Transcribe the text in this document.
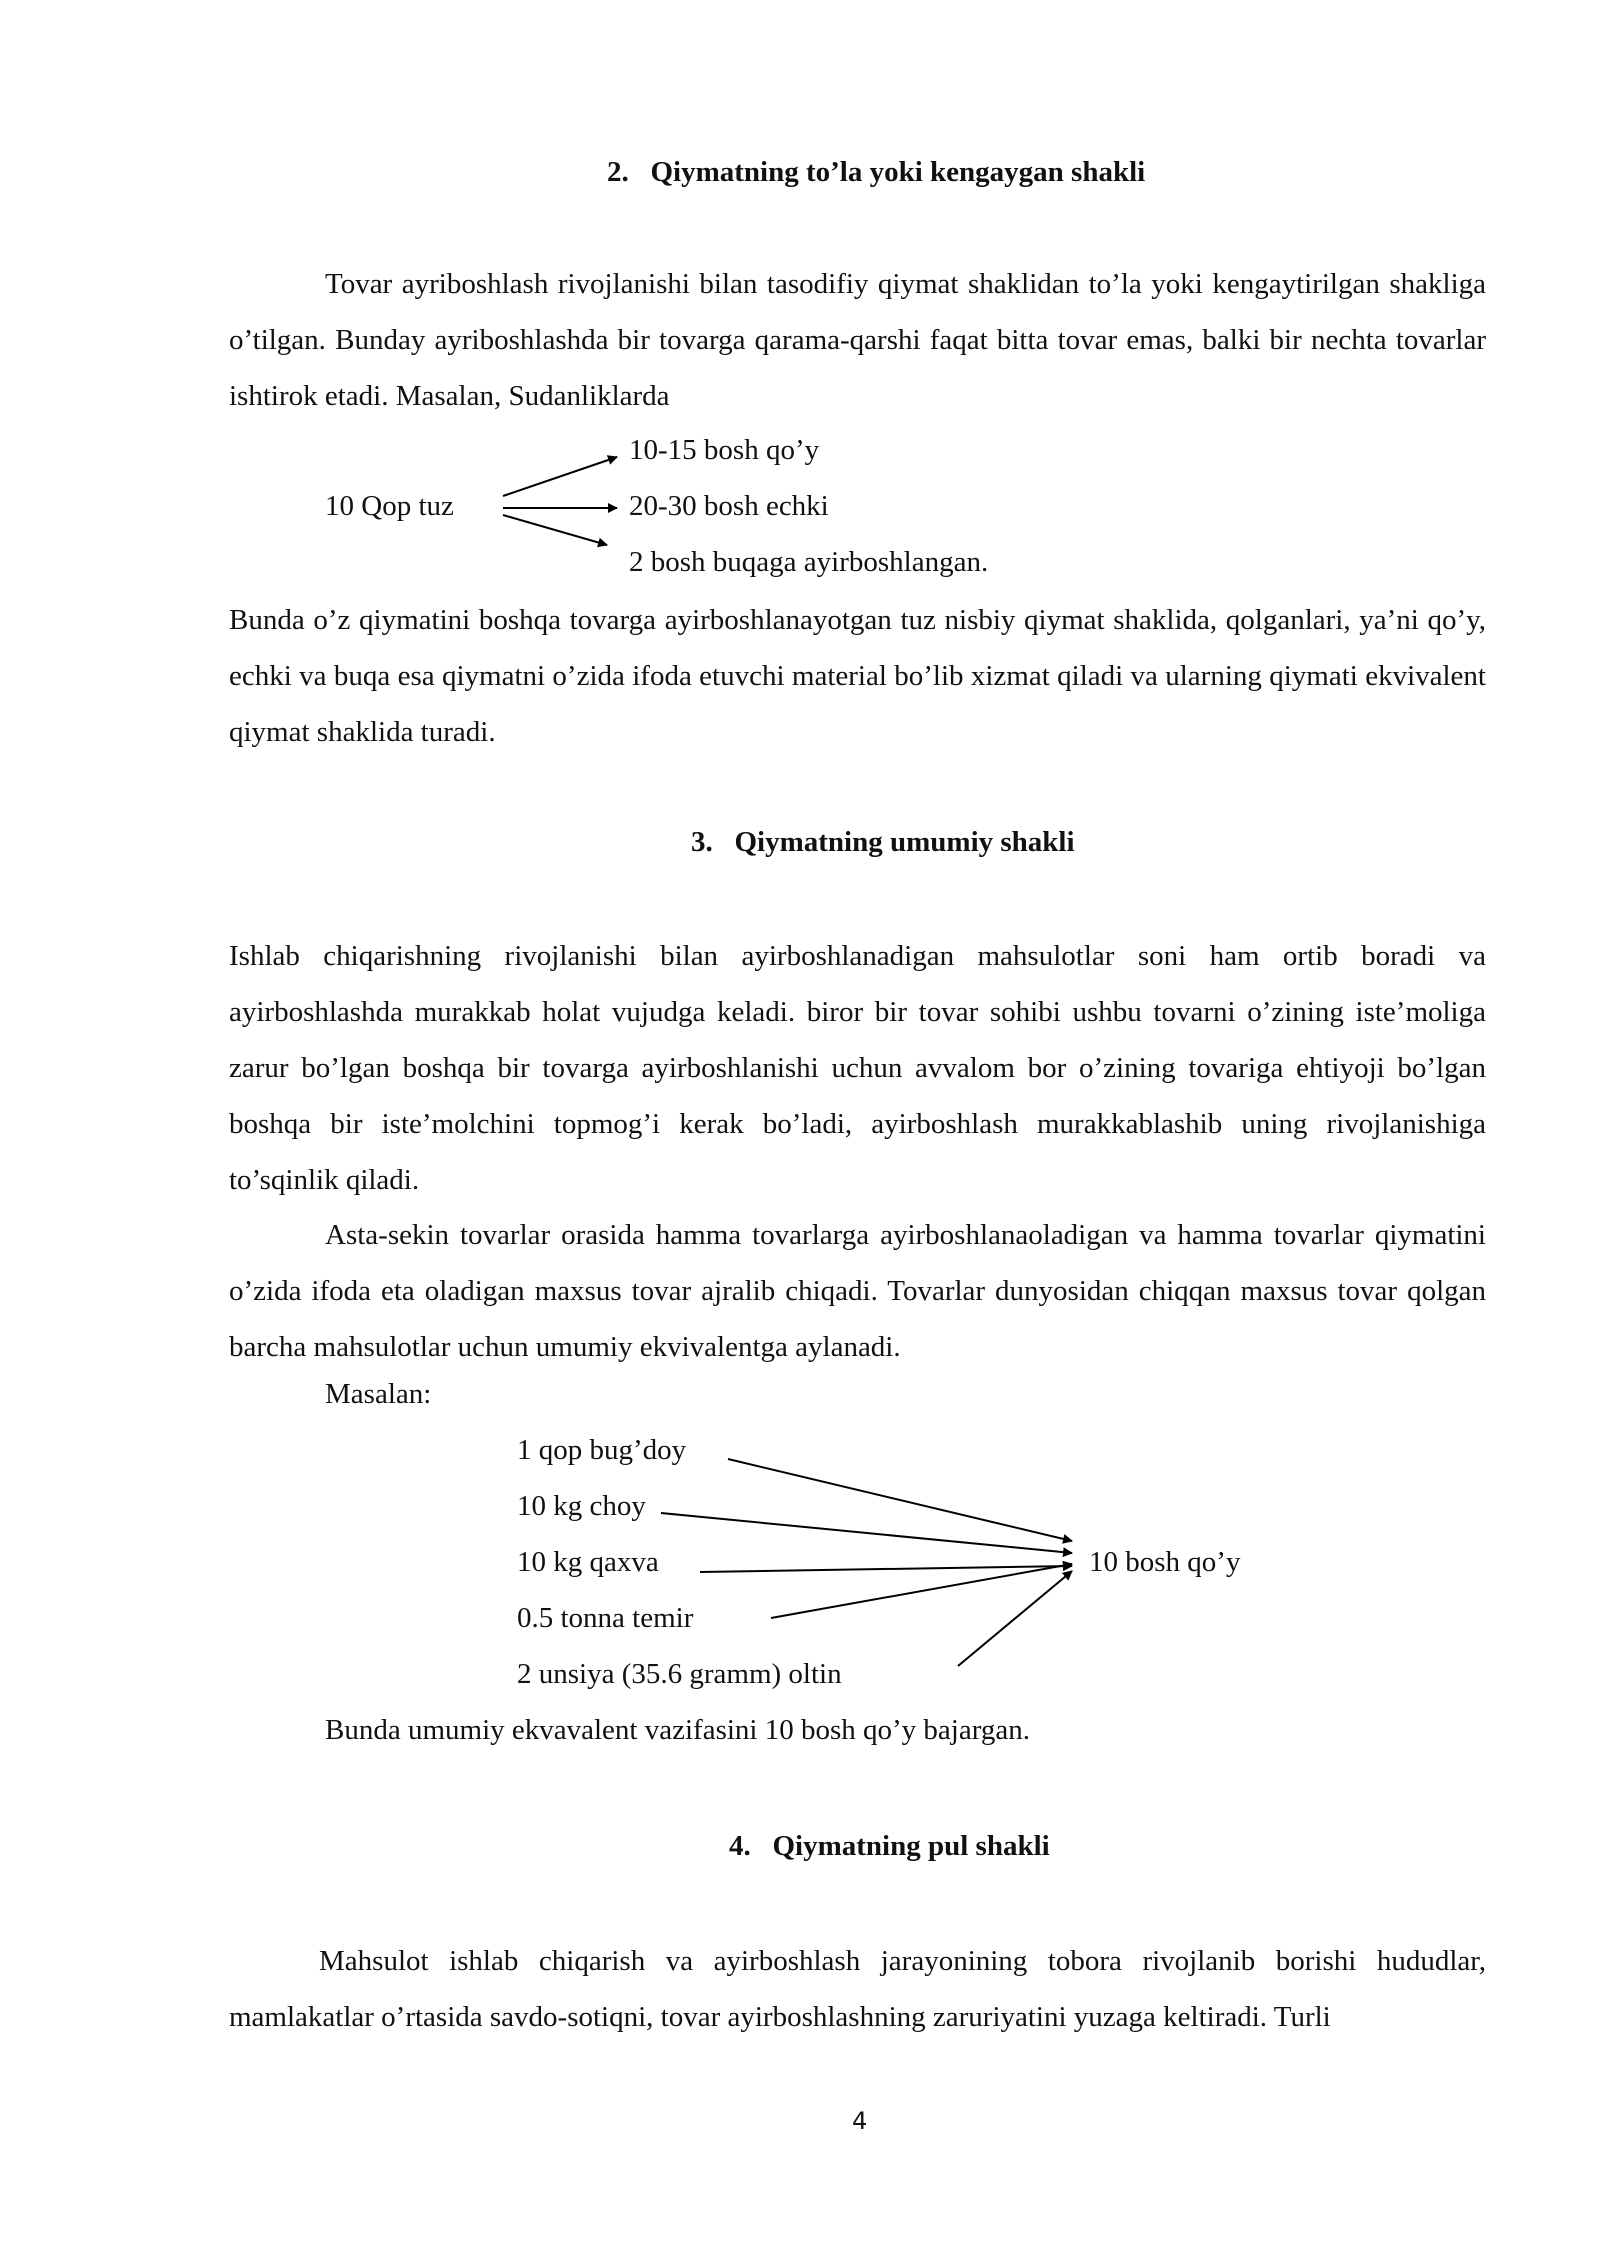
2. Qiymatning to’la yoki kengaygan shakli
Tovar ayriboshlash rivojlanishi bilan tasodifiy qiymat shaklidan to’la yoki kengaytirilgan shakliga o’tilgan. Bunday ayriboshlashda bir tovarga qarama-qarshi faqat bitta tovar emas, balki bir nechta tovarlar ishtirok etadi. Masalan, Sudanliklarda
10 Qop tuz
10-15 bosh qo’y
20-30 bosh echki
2 bosh buqaga ayirboshlangan.
Bunda o’z qiymatini boshqa tovarga ayirboshlanayotgan tuz nisbiy qiymat shaklida, qolganlari, ya’ni qo’y, echki va buqa esa qiymatni o’zida ifoda etuvchi material bo’lib xizmat qiladi va ularning qiymati ekvivalent qiymat shaklida turadi.
3. Qiymatning umumiy shakli
Ishlab chiqarishning rivojlanishi bilan ayirboshlanadigan mahsulotlar soni ham ortib boradi va ayirboshlashda murakkab holat vujudga keladi. biror bir tovar sohibi ushbu tovarni o’zining iste’moliga zarur bo’lgan boshqa bir tovarga ayirboshlanishi uchun avvalom bor o’zining tovariga ehtiyoji bo’lgan boshqa bir iste’molchini topmog’i kerak bo’ladi, ayirboshlash murakkablashib uning rivojlanishiga to’sqinlik qiladi.
Asta-sekin tovarlar orasida hamma tovarlarga ayirboshlanaoladigan va hamma tovarlar qiymatini o’zida ifoda eta oladigan maxsus tovar ajralib chiqadi. Tovarlar dunyosidan chiqqan maxsus tovar qolgan barcha mahsulotlar uchun umumiy ekvivalentga aylanadi.
Masalan:
1 qop bug’doy
10 kg choy
10 kg qaxva
0.5 tonna temir
2 unsiya (35.6 gramm) oltin
10 bosh qo’y
Bunda umumiy ekvavalent vazifasini 10 bosh qo’y bajargan.
4. Qiymatning pul shakli
Mahsulot ishlab chiqarish va ayirboshlash jarayonining tobora rivojlanib borishi hududlar, mamlakatlar o’rtasida savdo-sotiqni, tovar ayirboshlashning zaruriyatini yuzaga keltiradi. Turli
4
